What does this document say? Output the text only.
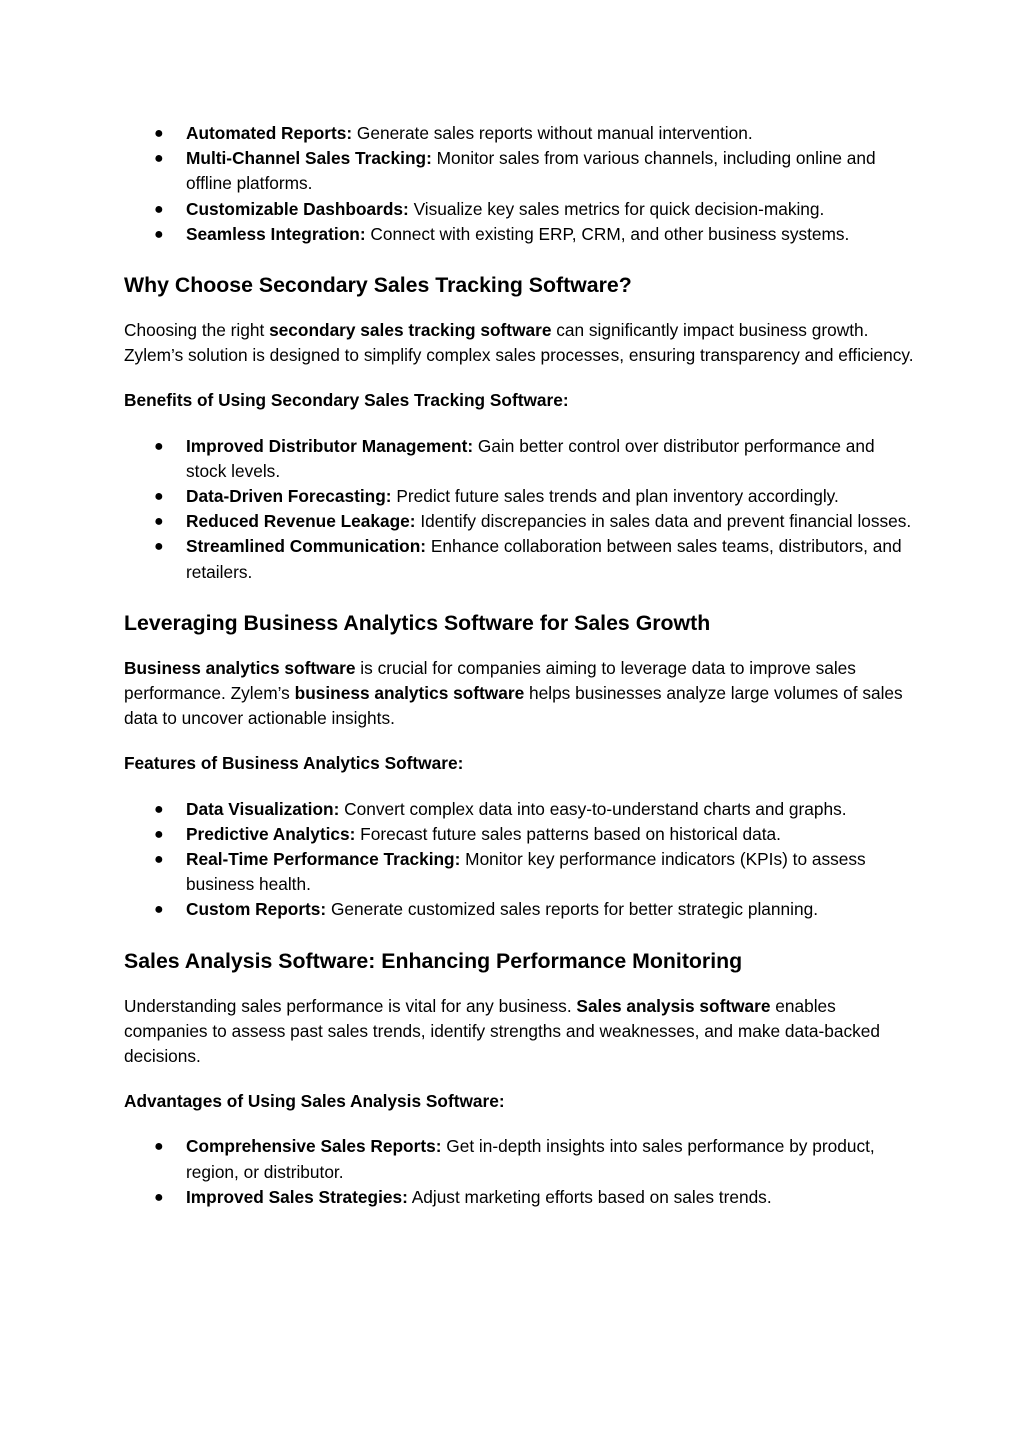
● Automated Reports: Generate sales reports without manual intervention.
● Multi-Channel Sales Tracking: Monitor sales from various channels, including online and offline platforms.
● Customizable Dashboards: Visualize key sales metrics for quick decision-making.
● Seamless Integration: Connect with existing ERP, CRM, and other business systems.
Why Choose Secondary Sales Tracking Software?

Choosing the right secondary sales tracking software can significantly impact business growth. Zylem’s solution is designed to simplify complex sales processes, ensuring transparency and efficiency.

Benefits of Using Secondary Sales Tracking Software:

● Improved Distributor Management: Gain better control over distributor performance and stock levels.
● Data-Driven Forecasting: Predict future sales trends and plan inventory accordingly.
● Reduced Revenue Leakage: Identify discrepancies in sales data and prevent financial losses.
● Streamlined Communication: Enhance collaboration between sales teams, distributors, and retailers.
Leveraging Business Analytics Software for Sales Growth

Business analytics software is crucial for companies aiming to leverage data to improve sales performance. Zylem’s business analytics software helps businesses analyze large volumes of sales data to uncover actionable insights.

Features of Business Analytics Software:

● Data Visualization: Convert complex data into easy-to-understand charts and graphs.
● Predictive Analytics: Forecast future sales patterns based on historical data.
● Real-Time Performance Tracking: Monitor key performance indicators (KPIs) to assess business health.
● Custom Reports: Generate customized sales reports for better strategic planning.
Sales Analysis Software: Enhancing Performance Monitoring

Understanding sales performance is vital for any business. Sales analysis software enables companies to assess past sales trends, identify strengths and weaknesses, and make data-backed decisions.

Advantages of Using Sales Analysis Software:

● Comprehensive Sales Reports: Get in-depth insights into sales performance by product, region, or distributor.
● Improved Sales Strategies: Adjust marketing efforts based on sales trends.
